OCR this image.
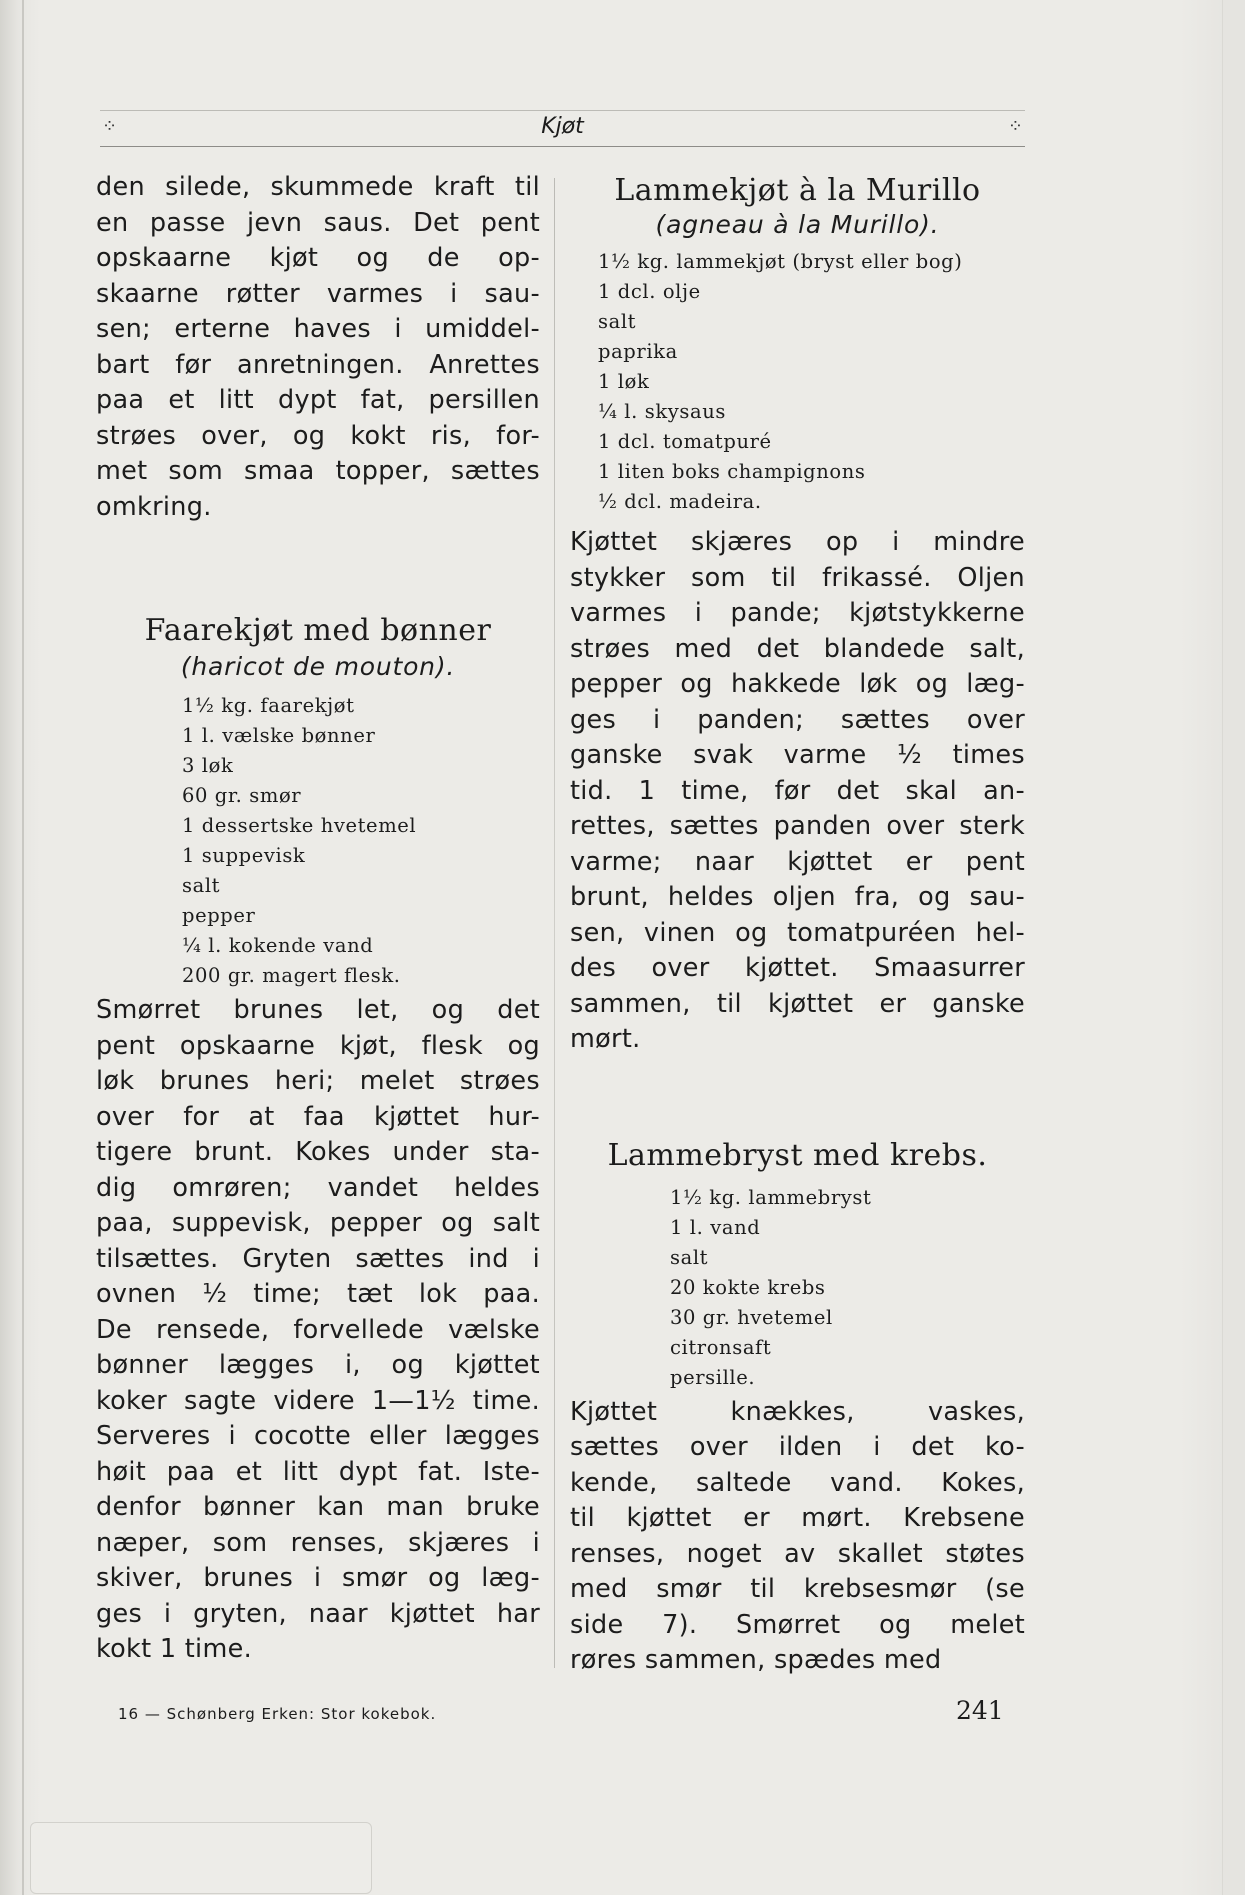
⁘	Kjøt	⁘
den silede, skummede kraft til
en passe jevn saus. Det pent
opskaarne kjøt og de op-
skaarne røtter varmes i sau-
sen; erterne haves i umiddel-
bart før anretningen. Anrettes
paa et litt dypt fat, persillen
strøes over, og kokt ris, for-
met som smaa topper, sættes
omkring.
Faarekjøt med bønner
(haricot de mouton).
1½ kg. faarekjøt
1 l. vælske bønner
3 løk
60 gr. smør
1 dessertske hvetemel
1 suppevisk
salt
pepper
¼ l. kokende vand
200 gr. magert flesk.
Smørret brunes let, og det
pent opskaarne kjøt, flesk og
løk brunes heri; melet strøes
over for at faa kjøttet hur-
tigere brunt. Kokes under sta-
dig omrøren; vandet heldes
paa, suppevisk, pepper og salt
tilsættes. Gryten sættes ind i
ovnen ½ time; tæt lok paa.
De rensede, forvellede vælske
bønner lægges i, og kjøttet
koker sagte videre 1—1½ time.
Serveres i cocotte eller lægges
høit paa et litt dypt fat. Iste-
denfor bønner kan man bruke
næper, som renses, skjæres i
skiver, brunes i smør og læg-
ges i gryten, naar kjøttet har
kokt 1 time.
Lammekjøt à la Murillo
(agneau à la Murillo).
1½ kg. lammekjøt (bryst eller bog)
1 dcl. olje
salt
paprika
1 løk
¼ l. skysaus
1 dcl. tomatpuré
1 liten boks champignons
½ dcl. madeira.
Kjøttet skjæres op i mindre
stykker som til frikassé. Oljen
varmes i pande; kjøtstykkerne
strøes med det blandede salt,
pepper og hakkede løk og læg-
ges i panden; sættes over
ganske svak varme ½ times
tid. 1 time, før det skal an-
rettes, sættes panden over sterk
varme; naar kjøttet er pent
brunt, heldes oljen fra, og sau-
sen, vinen og tomatpuréen hel-
des over kjøttet. Smaasurrer
sammen, til kjøttet er ganske
mørt.
Lammebryst med krebs.
1½ kg. lammebryst
1 l. vand
salt
20 kokte krebs
30 gr. hvetemel
citronsaft
persille.
Kjøttet knækkes, vaskes,
sættes over ilden i det ko-
kende, saltede vand. Kokes,
til kjøttet er mørt. Krebsene
renses, noget av skallet støtes
med smør til krebsesmør (se
side 7). Smørret og melet
røres sammen, spædes med
16 — Schønberg Erken: Stor kokebok.	241
